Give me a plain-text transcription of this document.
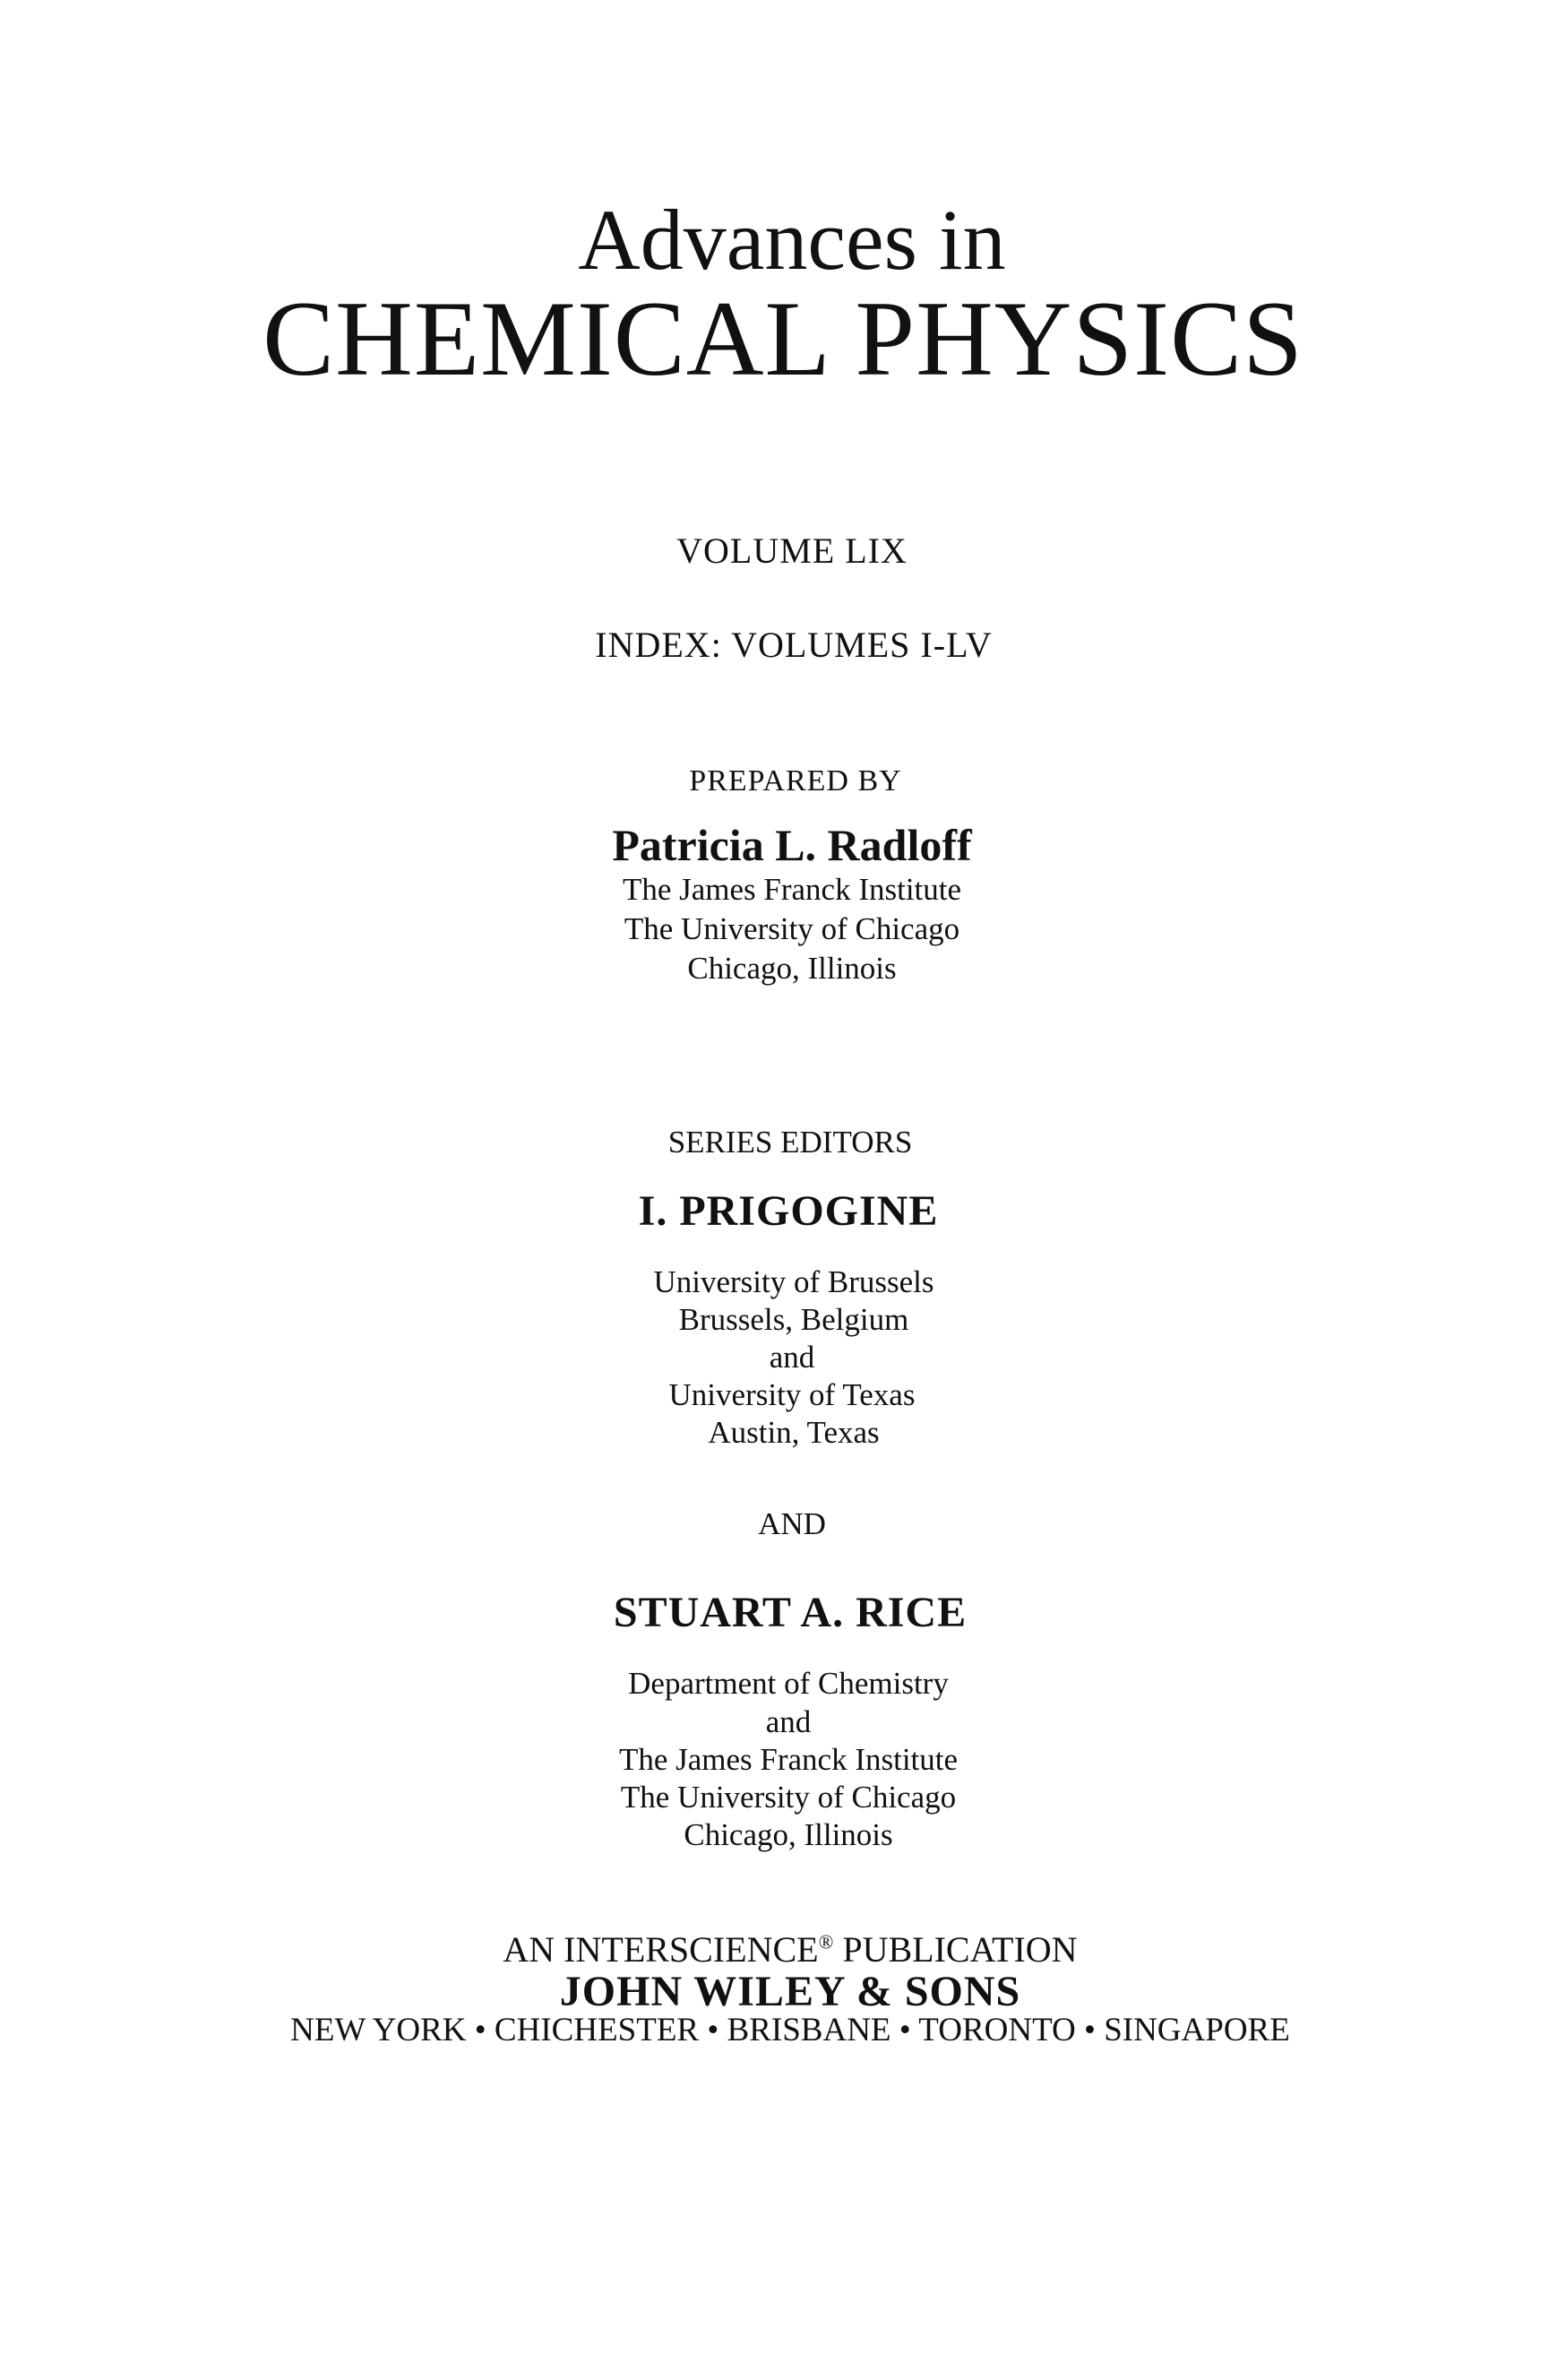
Advances in
CHEMICAL PHYSICS
VOLUME LIX
INDEX: VOLUMES I-LV
PREPARED BY
Patricia L. Radloff
The James Franck Institute
The University of Chicago
Chicago, Illinois
SERIES EDITORS
I. PRIGOGINE
University of Brussels
Brussels, Belgium
and
University of Texas
Austin, Texas
AND
STUART A. RICE
Department of Chemistry
and
The James Franck Institute
The University of Chicago
Chicago, Illinois
AN INTERSCIENCE® PUBLICATION
JOHN WILEY & SONS
NEW YORK • CHICHESTER • BRISBANE • TORONTO • SINGAPORE
